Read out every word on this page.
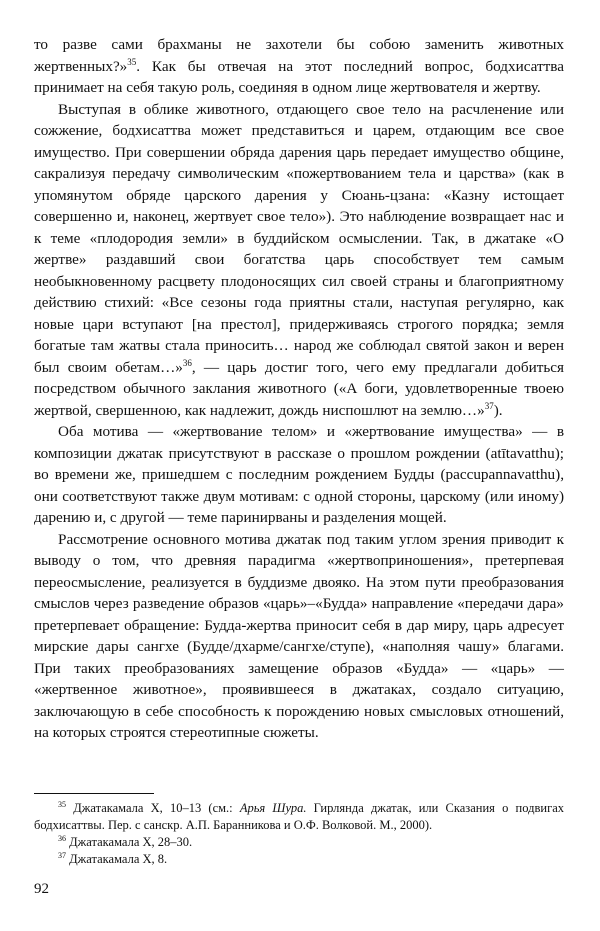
то разве сами брахманы не захотели бы собою заменить животных жертвенных?»$^{35}$. Как бы отвечая на этот последний вопрос, бодхисаттва принимает на себя такую роль, соединяя в одном лице жертвователя и жертву.

Выступая в облике животного, отдающего свое тело на расчленение или сожжение, бодхисаттва может представиться и царем, отдающим все свое имущество. При совершении обряда дарения царь передает имущество общине, сакрализуя передачу символическим «пожертвованием тела и царства» (как в упомянутом обряде царского дарения у Сюань-цзана: «Казну истощает совершенно и, наконец, жертвует свое тело»). Это наблюдение возвращает нас и к теме «плодородия земли» в буддийском осмыслении. Так, в джатаке «О жертве» раздавший свои богатства царь способствует тем самым необыкновенному расцвету плодоносящих сил своей страны и благоприятному действию стихий: «Все сезоны года приятны стали, наступая регулярно, как новые цари вступают [на престол], придерживаясь строгого порядка; земля богатые там жатвы стала приносить… народ же соблюдал святой закон и верен был своим обетам…»$^{36}$, — царь достиг того, чего ему предлагали добиться посредством обычного заклания животного («А боги, удовлетворенные твоею жертвой, свершенною, как надлежит, дождь ниспошлют на землю…»$^{37}$).

Оба мотива — «жертвование телом» и «жертвование имущества» — в композиции джатак присутствуют в рассказе о прошлом рождении (atītavatthu); во времени же, пришедшем с последним рождением Будды (paccupannavatthu), они соответствуют также двум мотивам: с одной стороны, царскому (или иному) дарению и, с другой — теме паринирваны и разделения мощей.

Рассмотрение основного мотива джатак под таким углом зрения приводит к выводу о том, что древняя парадигма «жертвоприношения», претерпевая переосмысление, реализуется в буддизме двояко. На этом пути преобразования смыслов через разведение образов «царь»–«Будда» направление «передачи дара» претерпевает обращение: Будда-жертва приносит себя в дар миру, царь адресует мирские дары сангхе (Будде/дхарме/сангхе/ступе), «наполняя чашу» благами. При таких преобразованиях замещение образов «Будда» — «царь» — «жертвенное животное», проявившееся в джатаках, создало ситуацию, заключающую в себе способность к порождению новых смысловых отношений, на которых строятся стереотипные сюжеты.

$^{35}$ Джатакамала X, 10–13 (см.: Арья Шура. Гирлянда джатак, или Сказания о подвигах бодхисаттвы. Пер. с санскр. А.П. Баранникова и О.Ф. Волковой. М., 2000).

$^{36}$ Джатакамала X, 28–30.

$^{37}$ Джатакамала X, 8.

92
